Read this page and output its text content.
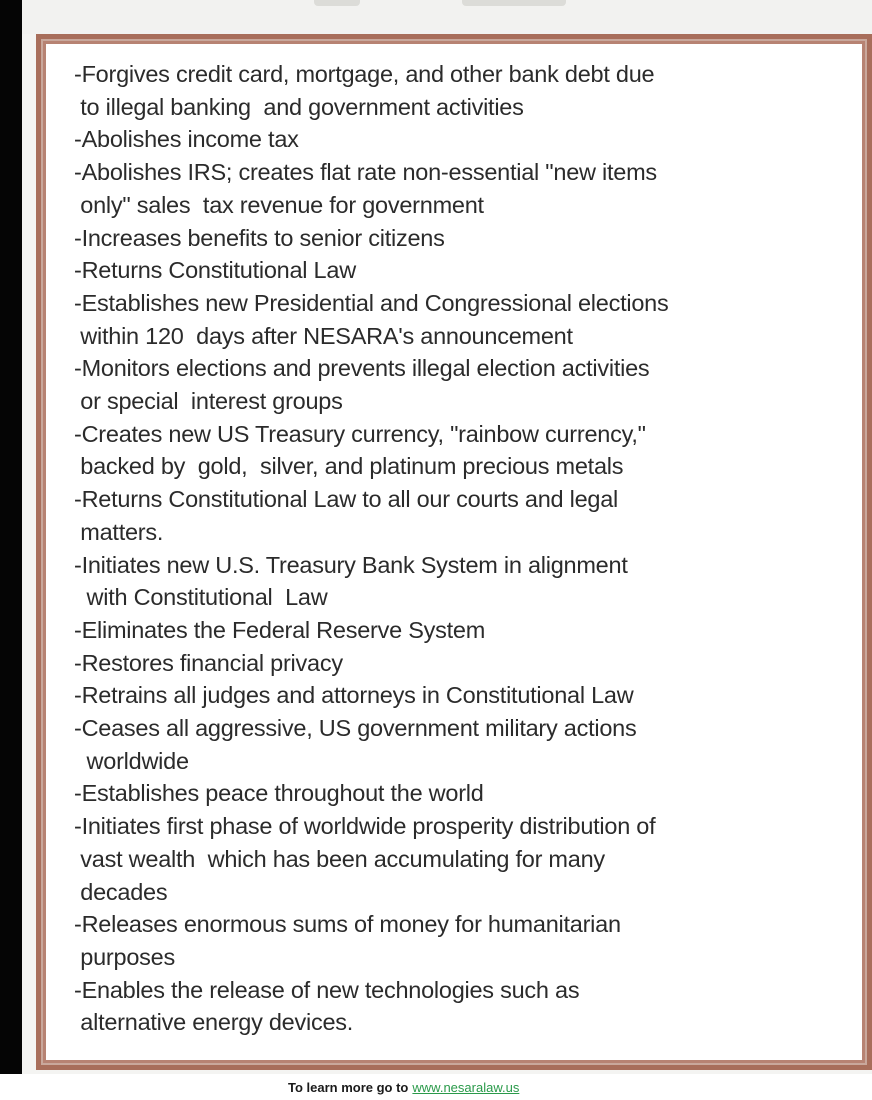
-Forgives credit card, mortgage, and other bank debt due
to illegal banking  and government activities
-Abolishes income tax
-Abolishes IRS; creates flat rate non-essential "new items
only" sales  tax revenue for government
-Increases benefits to senior citizens
-Returns Constitutional Law
-Establishes new Presidential and Congressional elections
within 120  days after NESARA's announcement
-Monitors elections and prevents illegal election activities
or special  interest groups
-Creates new US Treasury currency, "rainbow currency,"
backed by  gold,  silver, and platinum precious metals
-Returns Constitutional Law to all our courts and legal
matters.
-Initiates new U.S. Treasury Bank System in alignment
with Constitutional  Law
-Eliminates the Federal Reserve System
-Restores financial privacy
-Retrains all judges and attorneys in Constitutional Law
-Ceases all aggressive, US government military actions
worldwide
-Establishes peace throughout the world
-Initiates first phase of worldwide prosperity distribution of
vast wealth  which has been accumulating for many
decades
-Releases enormous sums of money for humanitarian
purposes
-Enables the release of new technologies such as
alternative energy devices.
To learn more go to www.nesaralaw.us
